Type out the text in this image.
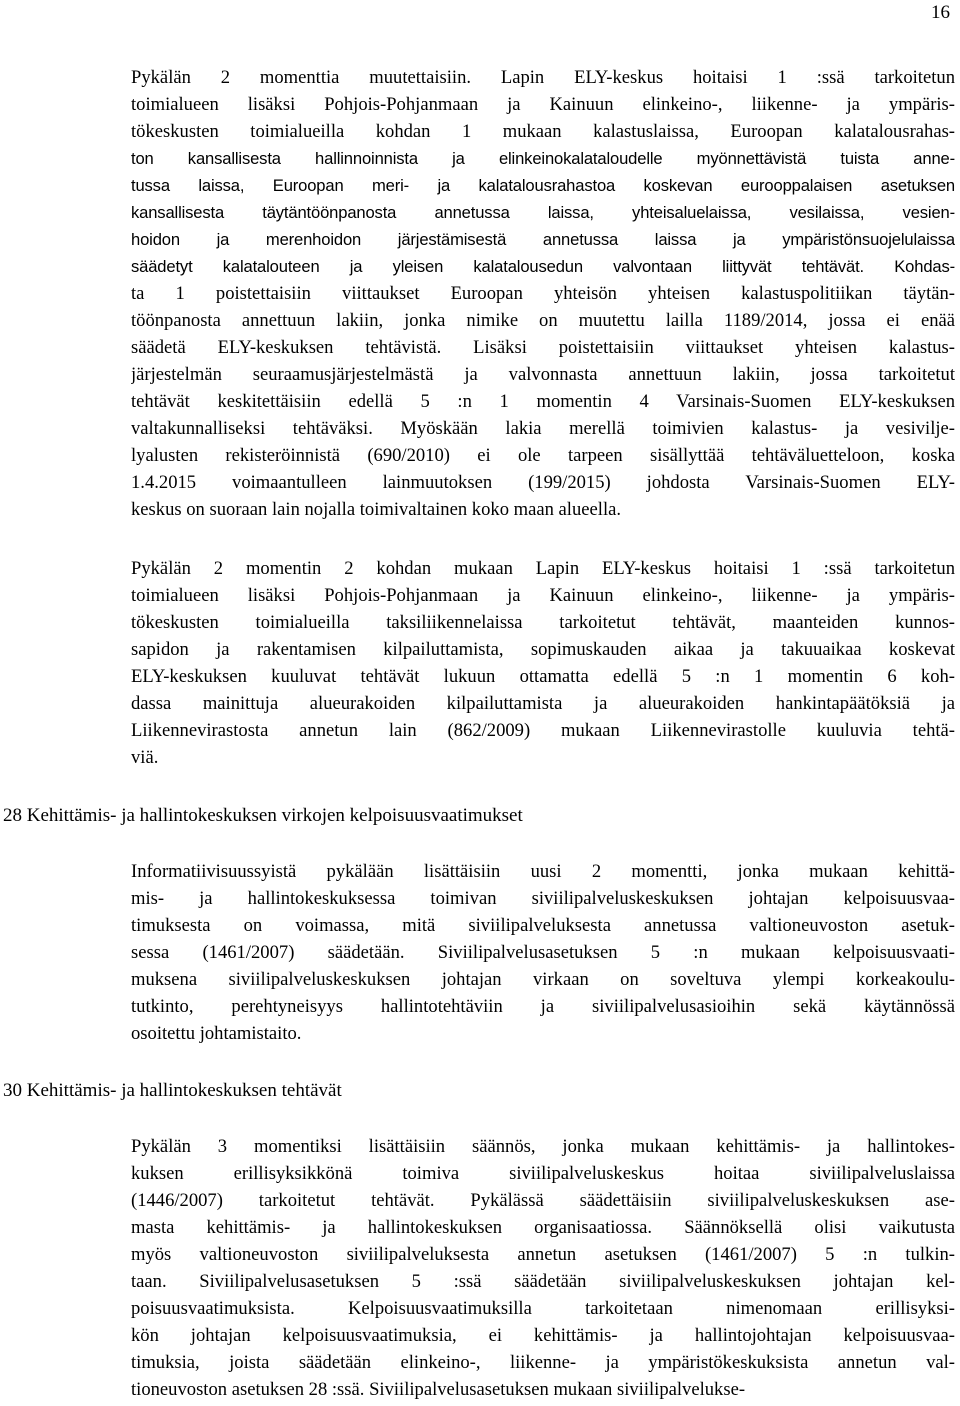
16
Pykälän 2 momenttia muutettaisiin. Lapin ELY-keskus hoitaisi 1 :ssä tarkoitetun
toimialueen lisäksi Pohjois-Pohjanmaan ja Kainuun elinkeino-, liikenne- ja ympäris-
tökeskusten toimialueilla kohdan 1 mukaan kalastuslaissa, Euroopan kalatalousrahas-
ton kansallisesta hallinnoinnista ja elinkeinokalataloudelle myönnettävistä tuista anne-
tussa laissa, Euroopan meri- ja kalatalousrahastoa koskevan eurooppalaisen asetuksen
kansallisesta täytäntöönpanosta annetussa laissa, yhteisaluelaissa, vesilaissa, vesien-
hoidon ja merenhoidon järjestämisestä annetussa laissa ja ympäristönsuojelulaissa
säädetyt kalatalouteen ja yleisen kalatalousedun valvontaan liittyvät tehtävät. Kohdas-
ta 1 poistettaisiin viittaukset Euroopan yhteisön yhteisen kalastuspolitiikan täytän-
töönpanosta annettuun lakiin, jonka nimike on muutettu lailla 1189/2014, jossa ei enää
säädetä ELY-keskuksen tehtävistä. Lisäksi poistettaisiin viittaukset yhteisen kalastus-
järjestelmän seuraamusjärjestelmästä ja valvonnasta annettuun lakiin, jossa tarkoitetut
tehtävät keskitettäisiin edellä 5 :n 1 momentin 4 Varsinais-Suomen ELY-keskuksen
valtakunnalliseksi tehtäväksi. Myöskään lakia merellä toimivien kalastus- ja vesiviljе-
lyalusten rekisteröinnistä (690/2010) ei ole tarpeen sisällyttää tehtäväluetteloon, koska
1.4.2015 voimaantulleen lainmuutoksen (199/2015) johdosta Varsinais-Suomen ELY-
keskus on suoraan lain nojalla toimivaltainen koko maan alueella.
Pykälän 2 momentin 2 kohdan mukaan Lapin ELY-keskus hoitaisi 1 :ssä tarkoitetun
toimialueen lisäksi Pohjois-Pohjanmaan ja Kainuun elinkeino-, liikenne- ja ympäris-
tökeskusten toimialueilla taksiliikennelaissa tarkoitetut tehtävät, maanteiden kunnos-
sapidon ja rakentamisen kilpailuttamista, sopimuskauden aikaa ja takuuaikaa koskevat
ELY-keskuksen kuuluvat tehtävät lukuun ottamatta edellä 5 :n 1 momentin 6 koh-
dassa mainittuja alueurakoiden kilpailuttamista ja alueurakoiden hankintapäätöksiä ja
Liikennevirastosta annetun lain (862/2009) mukaan Liikennevirastolle kuuluvia tehtä-
viä.
28 Kehittämis- ja hallintokeskuksen virkojen kelpoisuusvaatimukset
Informatiivisuussyistä pykälään lisättäisiin uusi 2 momentti, jonka mukaan kehittä-
mis- ja hallintokeskuksessa toimivan siviilipalveluskeskuksen johtajan kelpoisuusvaa-
timuksesta on voimassa, mitä siviilipalveluksesta annetussa valtioneuvoston asetuk-
sessa (1461/2007) säädetään. Siviilipalvelusasetuksen 5 :n mukaan kelpoisuusvaati-
muksena siviilipalveluskeskuksen johtajan virkaan on soveltuva ylempi korkeakoulu-
tutkinto, perehtyneisyys hallintotehtäviin ja siviilipalvelusasioihin sekä käytännössä
osoitettu johtamistaito.
30 Kehittämis- ja hallintokeskuksen tehtävät
Pykälän 3 momentiksi lisättäisiin säännös, jonka mukaan kehittämis- ja hallintokes-
kuksen erillisyksikkönä toimiva siviilipalveluskeskus hoitaa siviilipalveluslaissa
(1446/2007) tarkoitetut tehtävät. Pykälässä säädettäisiin siviilipalveluskeskuksen ase-
masta kehittämis- ja hallintokeskuksen organisaatiossa. Säännöksellä olisi vaikutusta
myös valtioneuvoston siviilipalveluksesta annetun asetuksen (1461/2007) 5 :n tulkin-
taan. Siviilipalvelusasetuksen 5 :ssä säädetään siviilipalveluskeskuksen johtajan kel-
poisuusvaatimuksista. Kelpoisuusvaatimuksilla tarkoitetaan nimenomaan erillisyksi-
kön johtajan kelpoisuusvaatimuksia, ei kehittämis- ja hallintojohtajan kelpoisuusvaa-
timuksia, joista säädetään elinkeino-, liikenne- ja ympäristökeskuksista annetun val-
tioneuvoston asetuksen 28 :ssä. Siviilipalvelusasetuksen mukaan siviilipalveluksе-
